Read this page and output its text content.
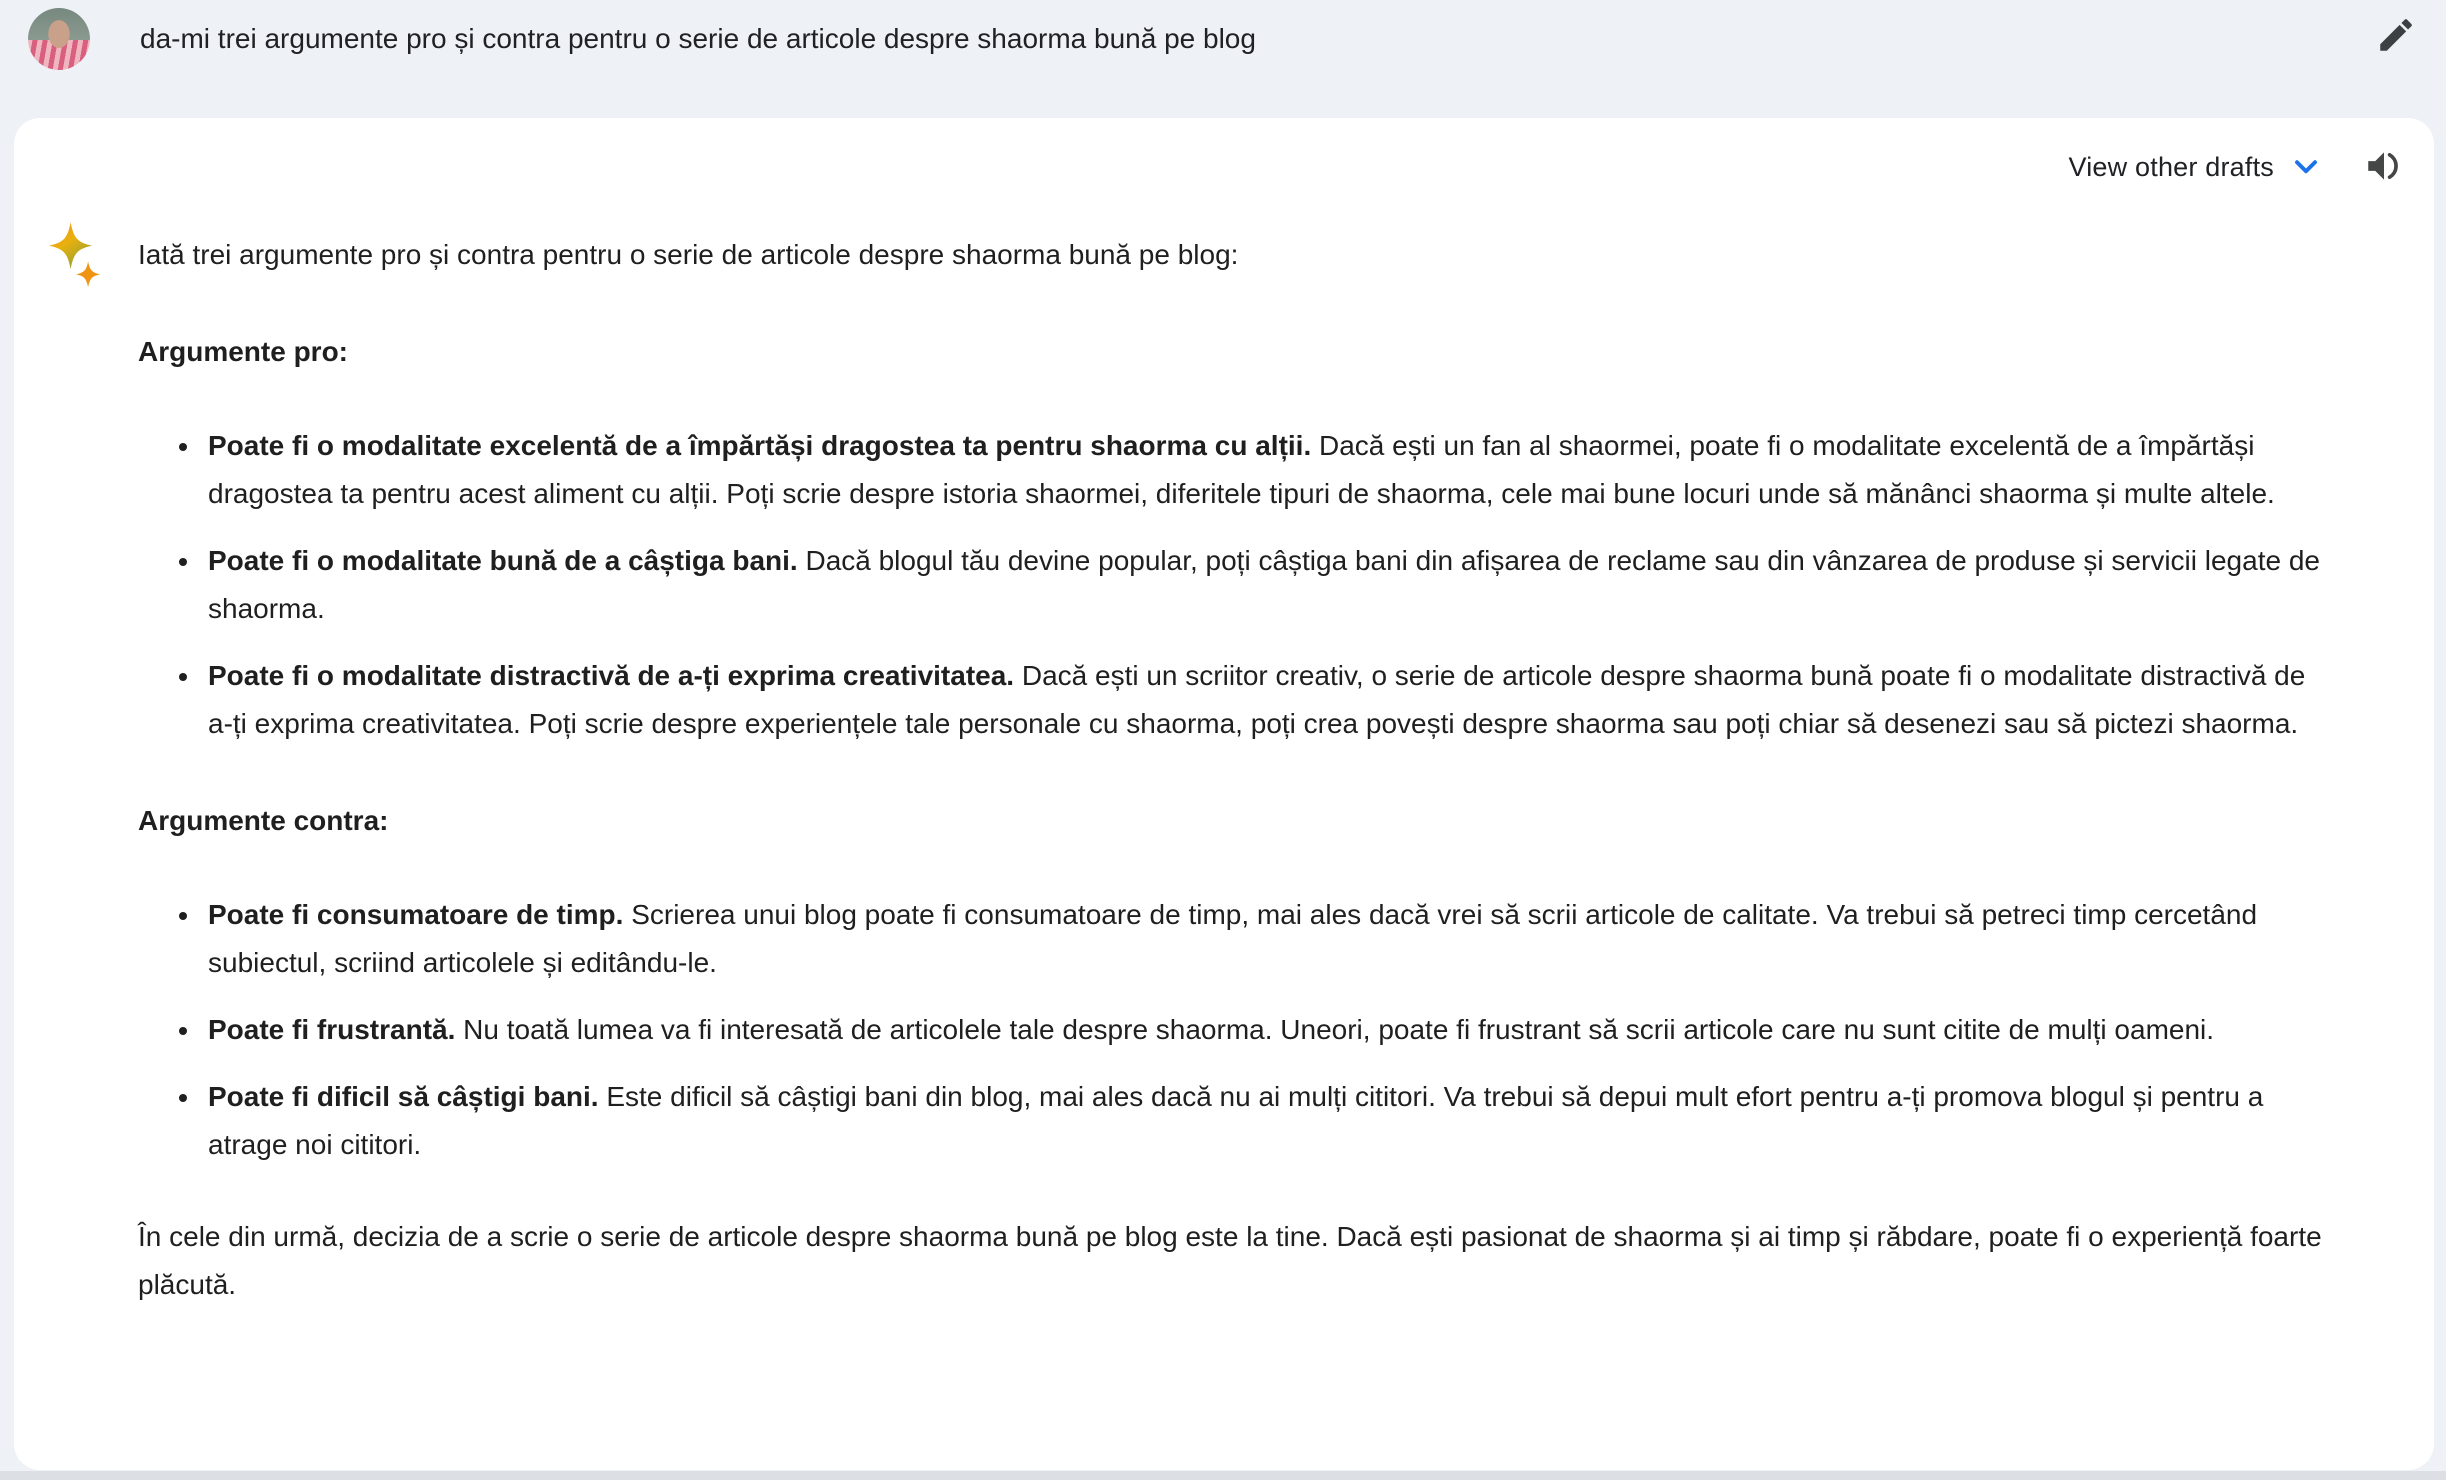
da-mi trei argumente pro și contra pentru o serie de articole despre shaorma bună pe blog
View other drafts

Iată trei argumente pro și contra pentru o serie de articole despre shaorma bună pe blog:

Argumente pro:

• Poate fi o modalitate excelentă de a împărtăși dragostea ta pentru shaorma cu alții. Dacă ești un fan al shaormei, poate fi o modalitate excelentă de a împărtăși dragostea ta pentru acest aliment cu alții. Poți scrie despre istoria shaormei, diferitele tipuri de shaorma, cele mai bune locuri unde să mănânci shaorma și multe altele.
• Poate fi o modalitate bună de a câștiga bani. Dacă blogul tău devine popular, poți câștiga bani din afișarea de reclame sau din vânzarea de produse și servicii legate de shaorma.
• Poate fi o modalitate distractivă de a-ți exprima creativitatea. Dacă ești un scriitor creativ, o serie de articole despre shaorma bună poate fi o modalitate distractivă de a-ți exprima creativitatea. Poți scrie despre experiențele tale personale cu shaorma, poți crea povești despre shaorma sau poți chiar să desenezi sau să pictezi shaorma.

Argumente contra:

• Poate fi consumatoare de timp. Scrierea unui blog poate fi consumatoare de timp, mai ales dacă vrei să scrii articole de calitate. Va trebui să petreci timp cercetând subiectul, scriind articolele și editându-le.
• Poate fi frustrantă. Nu toată lumea va fi interesată de articolele tale despre shaorma. Uneori, poate fi frustrant să scrii articole care nu sunt citite de mulți oameni.
• Poate fi dificil să câștigi bani. Este dificil să câștigi bani din blog, mai ales dacă nu ai mulți cititori. Va trebui să depui mult efort pentru a-ți promova blogul și pentru a atrage noi cititori.

În cele din urmă, decizia de a scrie o serie de articole despre shaorma bună pe blog este la tine. Dacă ești pasionat de shaorma și ai timp și răbdare, poate fi o experiență foarte plăcută.
